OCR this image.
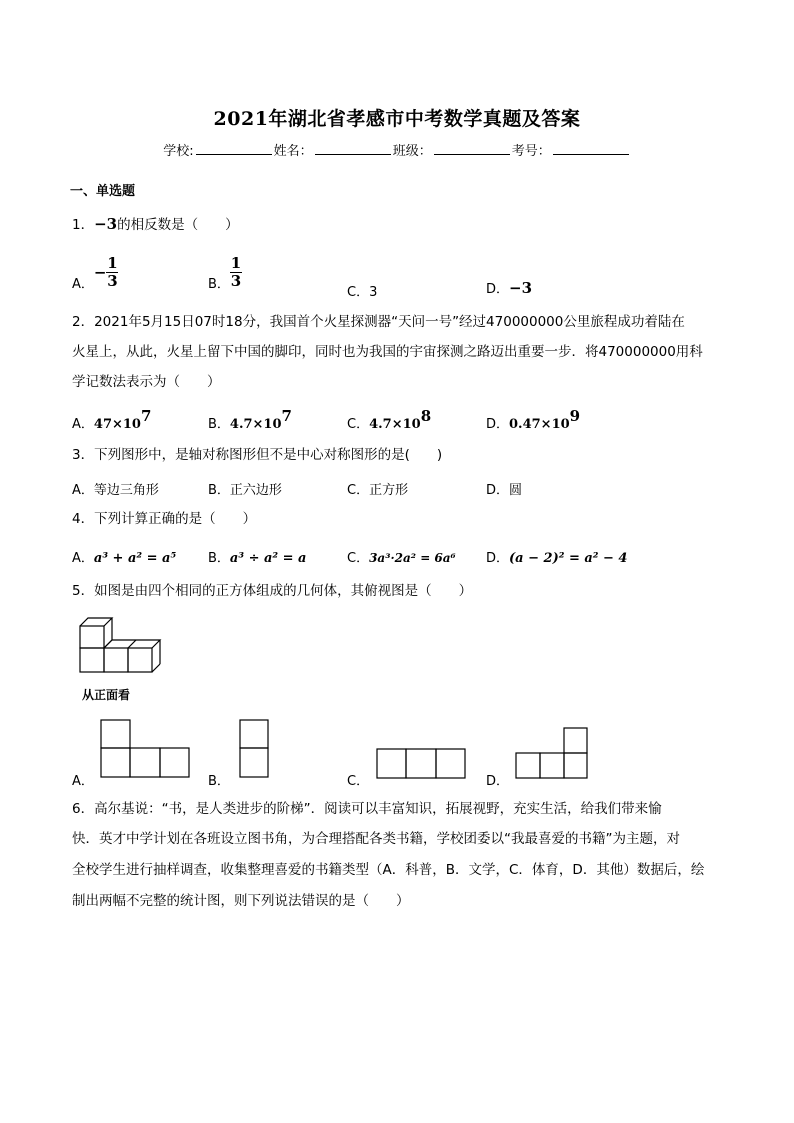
2021年湖北省孝感市中考数学真题及答案
学校:	姓名：	班级：	考号：
一、单选题
1．−3的相反数是（　　）
A．− $\frac{1}{3}$	B． $\frac{1}{3}$
C．3	D．−3
2．2021年5月15日07时18分，我国首个火星探测器“天问一号”经过470000000公里旅程成功着陆在
火星上，从此，火星上留下中国的脚印，同时也为我国的宇宙探测之路迈出重要一步．将470000000用科
学记数法表示为（　　）
A．$47\times 10^7$	B．$4.7\times 10^7$	C．$4.7\times 10^8$	D．$0.47\times 10^9$
3．下列图形中，是轴对称图形但不是中心对称图形的是(　　)
A．等边三角形	B．正六边形	C．正方形	D．圆
4．下列计算正确的是（　　）
A．a³ + a² = a⁵ B．a³ ÷ a² = a	C．3a³·2a² = 6a⁶ D．(a − 2)² = a² − 4
5．如图是由四个相同的正方体组成的几何体，其俯视图是（　　）
从正面看
A．	B．	C．	D．
6．高尔基说：“书，是人类进步的阶梯”．阅读可以丰富知识，拓展视野，充实生活，给我们带来愉
快．英才中学计划在各班设立图书角，为合理搭配各类书籍，学校团委以“我最喜爱的书籍”为主题，对
全校学生进行抽样调查，收集整理喜爱的书籍类型（A．科普，B．文学，C．体育，D．其他）数据后，绘
制出两幅不完整的统计图，则下列说法错误的是（　　）
